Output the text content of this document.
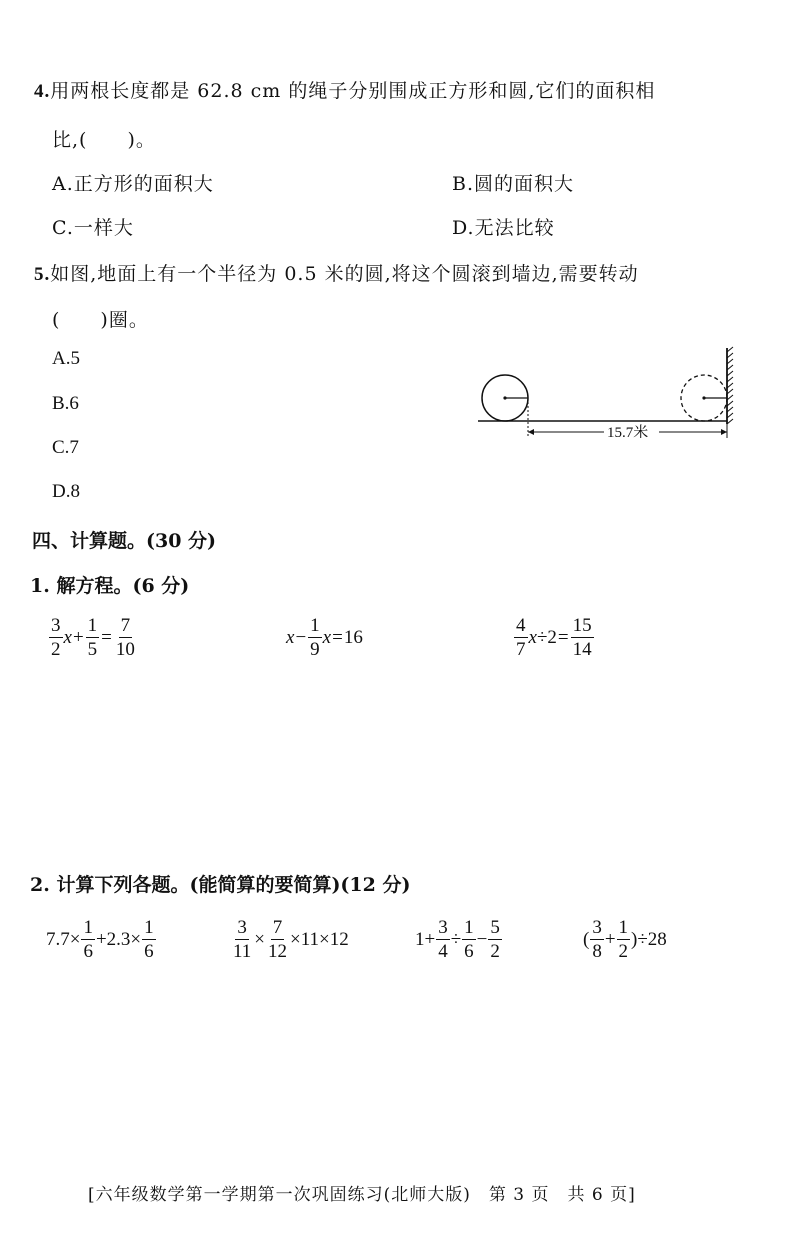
4.用两根长度都是 62.8 cm 的绳子分别围成正方形和圆,它们的面积相
比,(　　)。
A.正方形的面积大	B.圆的面积大
C.一样大	D.无法比较
5.如图,地面上有一个半径为 0.5 米的圆,将这个圆滚到墙边,需要转动
(　　)圈。
A.5
B.6
C.7
D.8
15.7米
四、计算题。(30 分)
1. 解方程。(6 分)
$\frac{3}{2}$ $x + \frac{1}{5} = \frac{7}{10}$	$x - \frac{1}{9}$ x = 16	$\frac{4}{7}$ $x \div 2 = \frac{15}{14}$
2. 计算下列各题。(能简算的要简算)(12 分)
$7.7\times \frac{1}{6} +2.3\times \frac{1}{6}$	$\frac{3}{11} \times \frac{7}{12} \times 11\times 12$	$1+ \frac{3}{4} \div \frac{1}{6} - \frac{5}{2}$	( $\frac{3}{8} + \frac{1}{2} )\div 28$
[六年级数学第一学期第一次巩固练习(北师大版)　第 3 页　共 6 页]
